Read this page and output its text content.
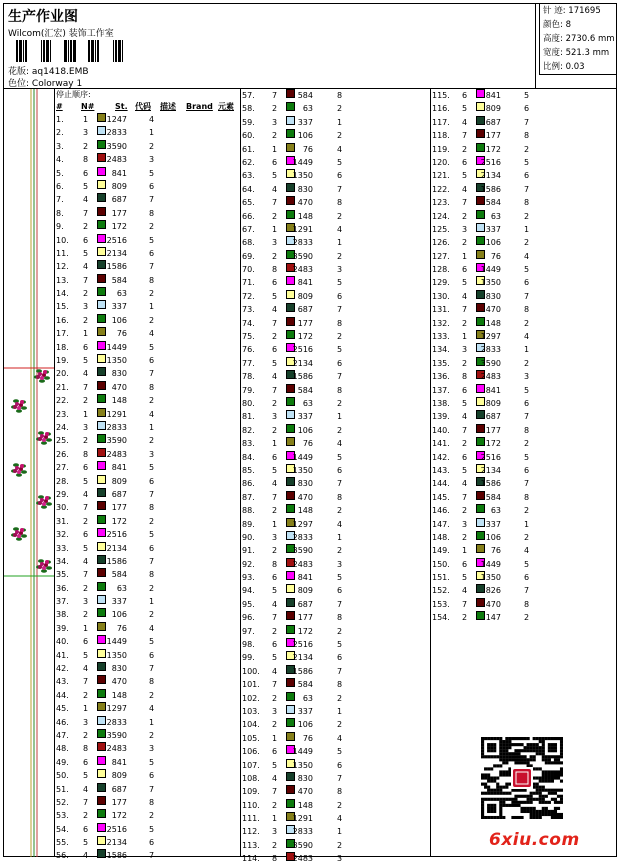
生产作业图
Wilcom(汇宏) 装饰工作室
花版: aq1418.EMB
色位: Colorway 1
针 迹: 171695
颜色: 8
高度: 2730.6 mm
宽度: 521.3 mm
比例: 0.03
停止顺序:
# N#	St. 代码 描述 Brand 元素
1. 1 1247	4
2. 3 2833	1
3. 2 3590	2
4. 8 2483	3
5. 6	841	5
6. 5	809	6
7. 4	687	7
8. 7	177	8
9. 2	172	2
10. 6 2516	5
11. 5 2134	6
12. 4 1586	7
13. 7	584	8
14. 2	63	2
15. 3	337	1
16. 2	106	2
17. 1	76	4
18. 6 1449	5
19. 5 1350	6
20. 4	830	7
21. 7	470	8
22. 2	148	2
23. 1 1291	4
24. 3 2833	1
25. 2 3590	2
26. 8 2483	3
27. 6	841	5
28. 5	809	6
29. 4	687	7
30. 7	177	8
31. 2	172	2
32. 6 2516	5
33. 5 2134	6
34. 4 1586	7
35. 7	584	8
36. 2	63	2
37. 3	337	1
38. 2	106	2
39. 1	76	4
40. 6 1449	5
41. 5 1350	6
42. 4	830	7
43. 7	470	8
44. 2	148	2
45. 1 1297	4
46. 3 2833	1
47. 2 3590	2
48. 8 2483	3
49. 6	841	5
50. 5	809	6
51. 4	687	7
52. 7	177	8
53. 2	172	2
54. 6 2516	5
55. 5 2134	6
56. 4 1586	7
57. 7	584	8
58. 2	63	2
59. 3	337	1
60. 2	106	2
61. 1	76	4
62. 6 1449	5
63. 5 1350	6
64. 4	830	7
65. 7	470	8
66. 2	148	2
67. 1 1291	4
68. 3 2833	1
69. 2 3590	2
70. 8 2483	3
71. 6	841	5
72. 5	809	6
73. 4	687	7
74. 7	177	8
75. 2	172	2
76. 6 2516	5
77. 5 2134	6
78. 4 1586	7
79. 7	584	8
80. 2	63	2
81. 3	337	1
82. 2	106	2
83. 1	76	4
84. 6 1449	5
85. 5 1350	6
86. 4	830	7
87. 7	470	8
88. 2	148	2
89. 1 1297	4
90. 3 2833	1
91. 2 3590	2
92. 8 2483	3
93. 6	841	5
94. 5	809	6
95. 4	687	7
96. 7	177	8
97. 2	172	2
98. 6 2516	5
99. 5 2134	6
100. 4 1586	7
101. 7	584	8
102. 2	63	2
103. 3	337	1
104. 2	106	2
105. 1	76	4
106. 6 1449	5
107. 5 1350	6
108. 4	830	7
109. 7	470	8
110. 2	148	2
111. 1 1291	4
112. 3 2833	1
113. 2 3590	2
114. 8 2483	3
115. 6 841	5
116. 5 809	6
117. 4 687	7
118. 7 177	8
119. 2 172	2
120. 6 2516	5
121. 5 2134	6
122. 4 1586	7
123. 7 584	8
124. 2	63	2
125. 3 337	1
126. 2 106	2
127. 1	76	4
128. 6 1449	5
129. 5 1350	6
130. 4 830	7
131. 7 470	8
132. 2 148	2
133. 1 1297	4
134. 3 2833	1
135. 2 3590	2
136. 8 2483	3
137. 6 841	5
138. 5 809	6
139. 4 687	7
140. 7 177	8
141. 2 172	2
142. 6 2516	5
143. 5 2134	6
144. 4 1586	7
145. 7 584	8
146. 2	63	2
147. 3 337	1
148. 2 106	2
149. 1	76	4
150. 6 1449	5
151. 5 1350	6
152. 4 826	7
153. 7 470	8
154. 2 147	2
6xiu.com
